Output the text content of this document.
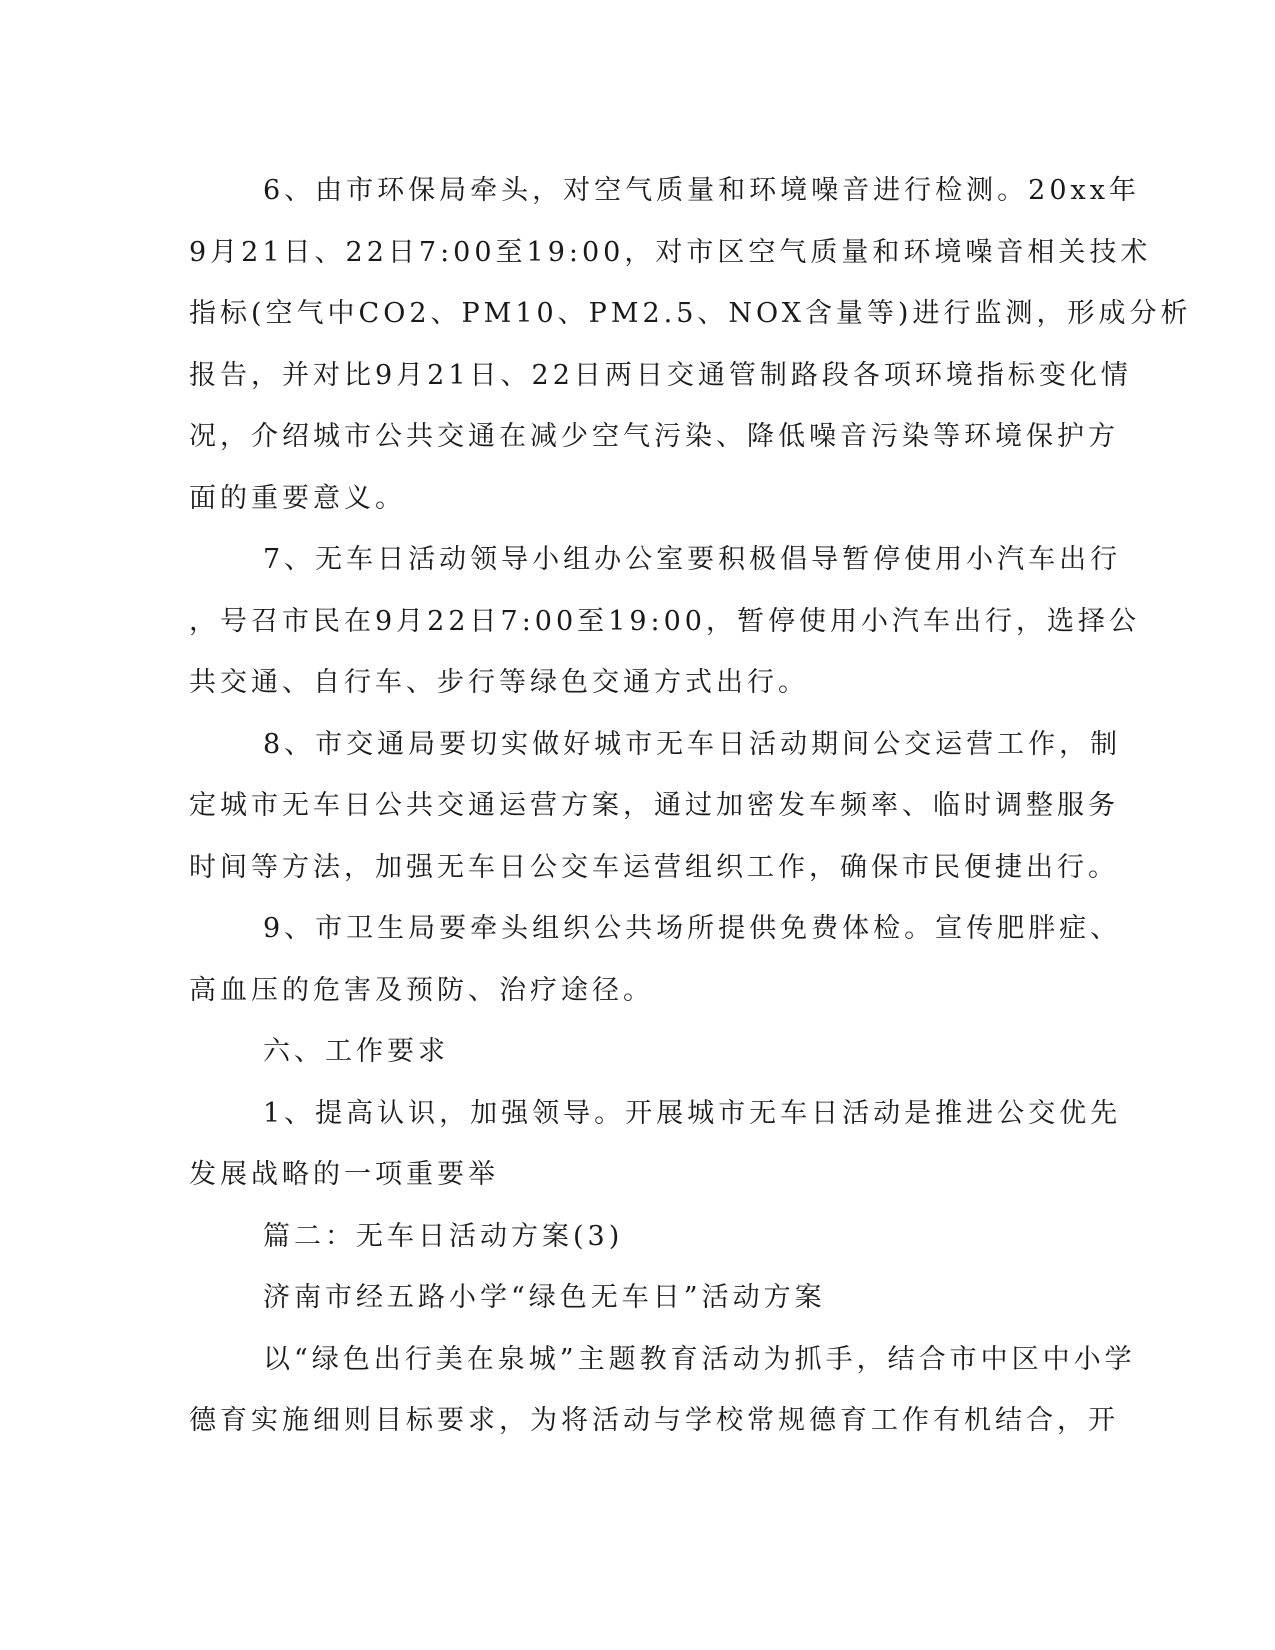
6、由市环保局牵头，对空气质量和环境噪音进行检测。20xx年
9月21日、22日7:00至19:00，对市区空气质量和环境噪音相关技术
指标(空气中CO2、PM10、PM2.5、NOX含量等)进行监测，形成分析
报告，并对比9月21日、22日两日交通管制路段各项环境指标变化情
况，介绍城市公共交通在减少空气污染、降低噪音污染等环境保护方
面的重要意义。
7、无车日活动领导小组办公室要积极倡导暂停使用小汽车出行
，号召市民在9月22日7:00至19:00，暂停使用小汽车出行，选择公
共交通、自行车、步行等绿色交通方式出行。
8、市交通局要切实做好城市无车日活动期间公交运营工作，制
定城市无车日公共交通运营方案，通过加密发车频率、临时调整服务
时间等方法，加强无车日公交车运营组织工作，确保市民便捷出行。
9、市卫生局要牵头组织公共场所提供免费体检。宣传肥胖症、
高血压的危害及预防、治疗途径。
六、工作要求
1、提高认识，加强领导。开展城市无车日活动是推进公交优先
发展战略的一项重要举
篇二：无车日活动方案(3)
济南市经五路小学“绿色无车日”活动方案
以“绿色出行美在泉城”主题教育活动为抓手，结合市中区中小学
德育实施细则目标要求，为将活动与学校常规德育工作有机结合，开
